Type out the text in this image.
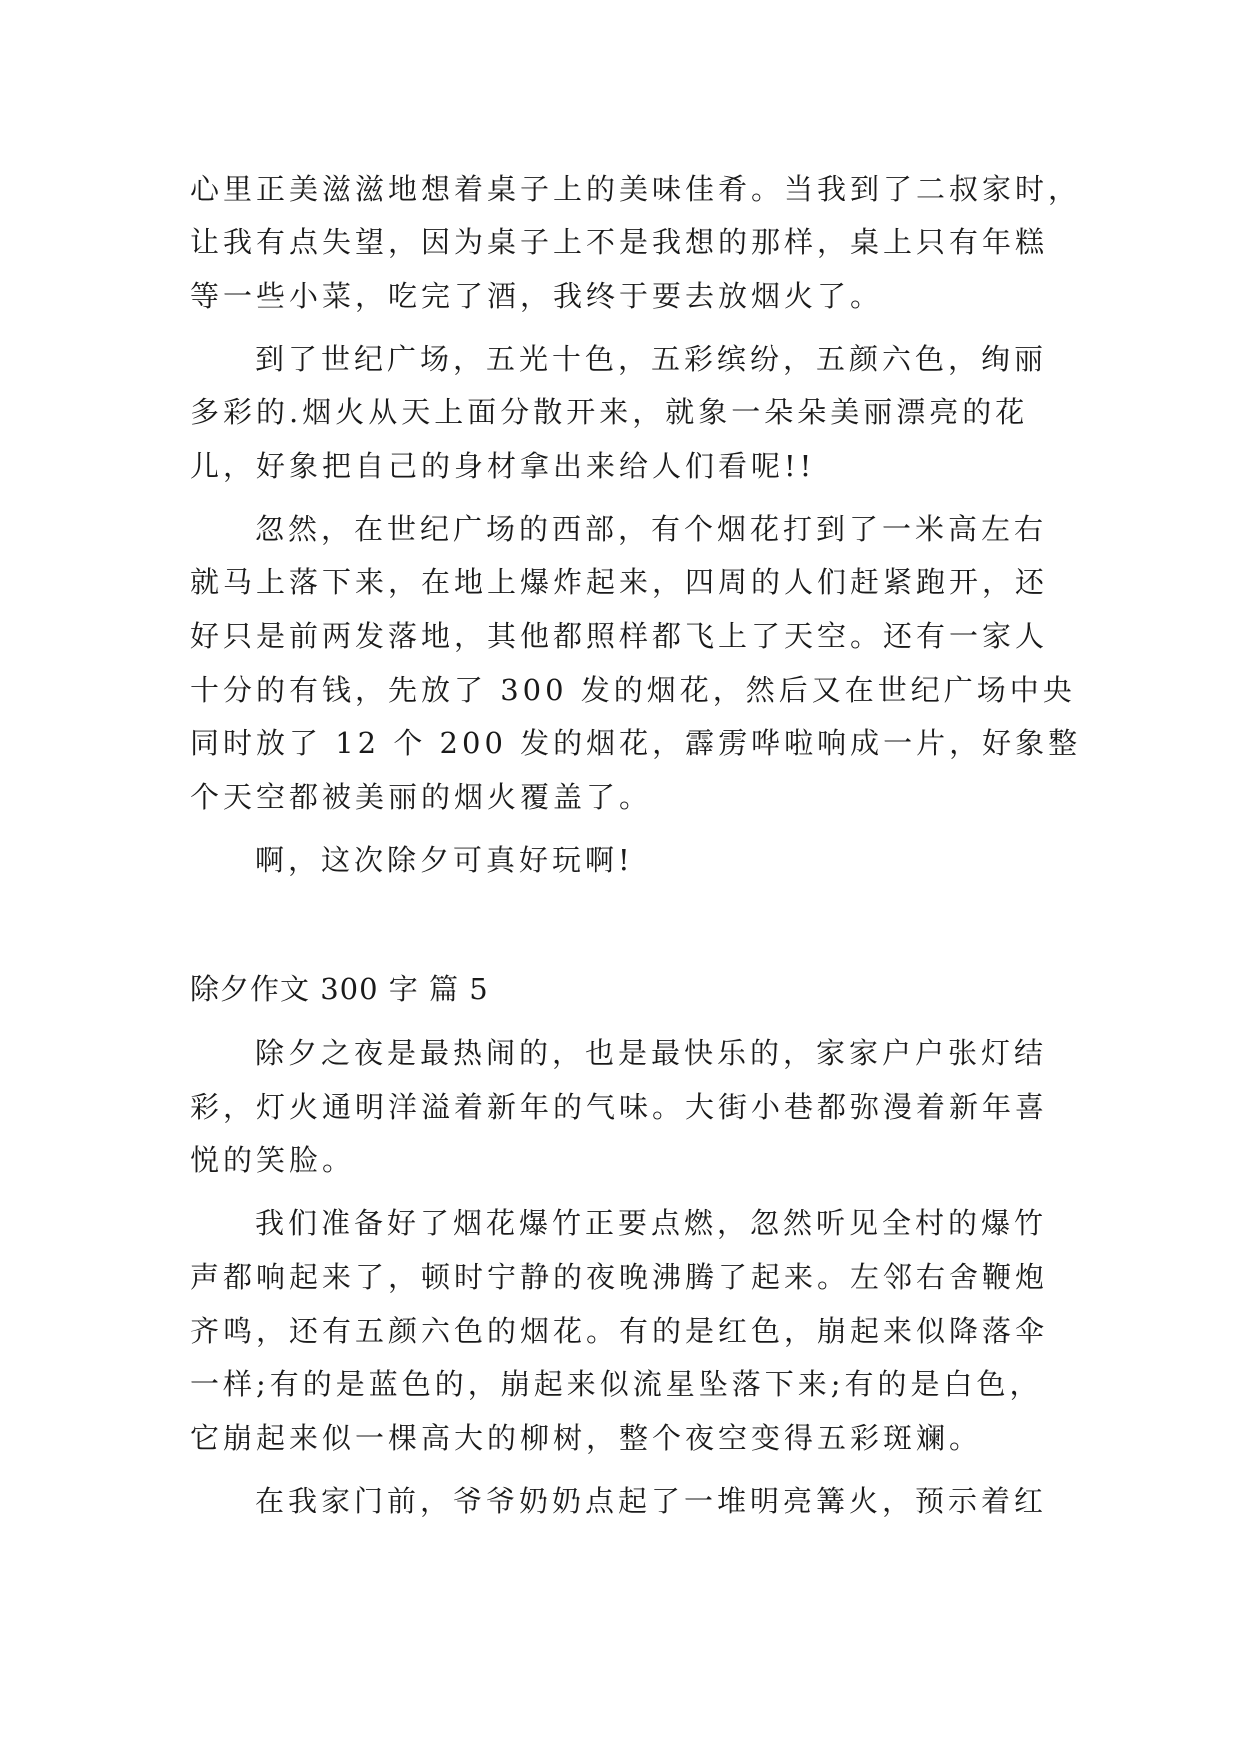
心里正美滋滋地想着桌子上的美味佳肴。当我到了二叔家时，
让我有点失望，因为桌子上不是我想的那样，桌上只有年糕
等一些小菜，吃完了酒，我终于要去放烟火了。
到了世纪广场，五光十色，五彩缤纷，五颜六色，绚丽
多彩的.烟火从天上面分散开来，就象一朵朵美丽漂亮的花
儿，好象把自己的身材拿出来给人们看呢!!
忽然，在世纪广场的西部，有个烟花打到了一米高左右
就马上落下来，在地上爆炸起来，四周的人们赶紧跑开，还
好只是前两发落地，其他都照样都飞上了天空。还有一家人
十分的有钱，先放了 300 发的烟花，然后又在世纪广场中央
同时放了 12 个 200 发的烟花，霹雳哗啦响成一片，好象整
个天空都被美丽的烟火覆盖了。
啊，这次除夕可真好玩啊!
除夕作文 300 字 篇 5
除夕之夜是最热闹的，也是最快乐的，家家户户张灯结
彩，灯火通明洋溢着新年的气味。大街小巷都弥漫着新年喜
悦的笑脸。
我们准备好了烟花爆竹正要点燃，忽然听见全村的爆竹
声都响起来了，顿时宁静的夜晚沸腾了起来。左邻右舍鞭炮
齐鸣，还有五颜六色的烟花。有的是红色，崩起来似降落伞
一样;有的是蓝色的，崩起来似流星坠落下来;有的是白色，
它崩起来似一棵高大的柳树，整个夜空变得五彩斑斓。
在我家门前，爷爷奶奶点起了一堆明亮篝火，预示着红
